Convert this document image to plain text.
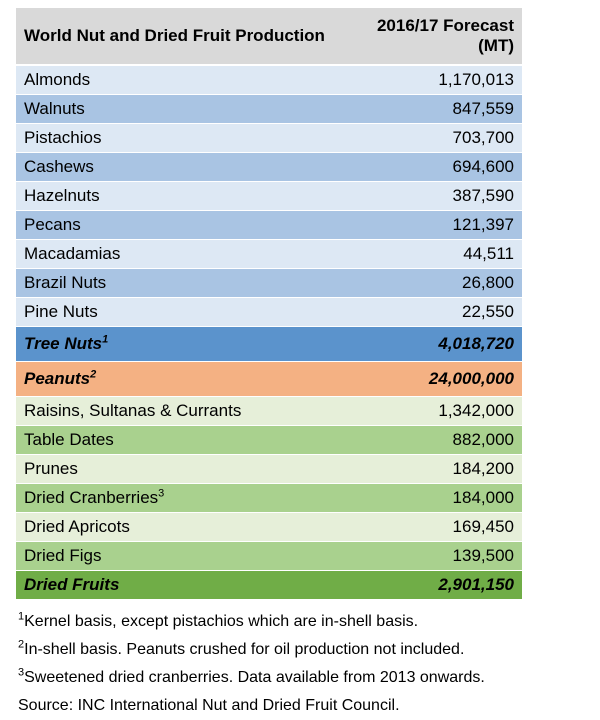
World Nut and Dried Fruit Production	2016/17 Forecast (MT)
Almonds	1,170,013
Walnuts	847,559
Pistachios	703,700
Cashews	694,600
Hazelnuts	387,590
Pecans	121,397
Macadamias	44,511
Brazil Nuts	26,800
Pine Nuts	22,550
Tree Nuts$^1$	4,018,720
Peanuts$^2$	24,000,000
Raisins, Sultanas & Currants	1,342,000
Table Dates	882,000
Prunes	184,200
Dried Cranberries$^3$	184,000
Dried Apricots	169,450
Dried Figs	139,500
Dried Fruits	2,901,150
$^1$Kernel basis, except pistachios which are in-shell basis.
$^2$In-shell basis. Peanuts crushed for oil production not included.
$^3$Sweetened dried cranberries. Data available from 2013 onwards.
Source: INC International Nut and Dried Fruit Council.
